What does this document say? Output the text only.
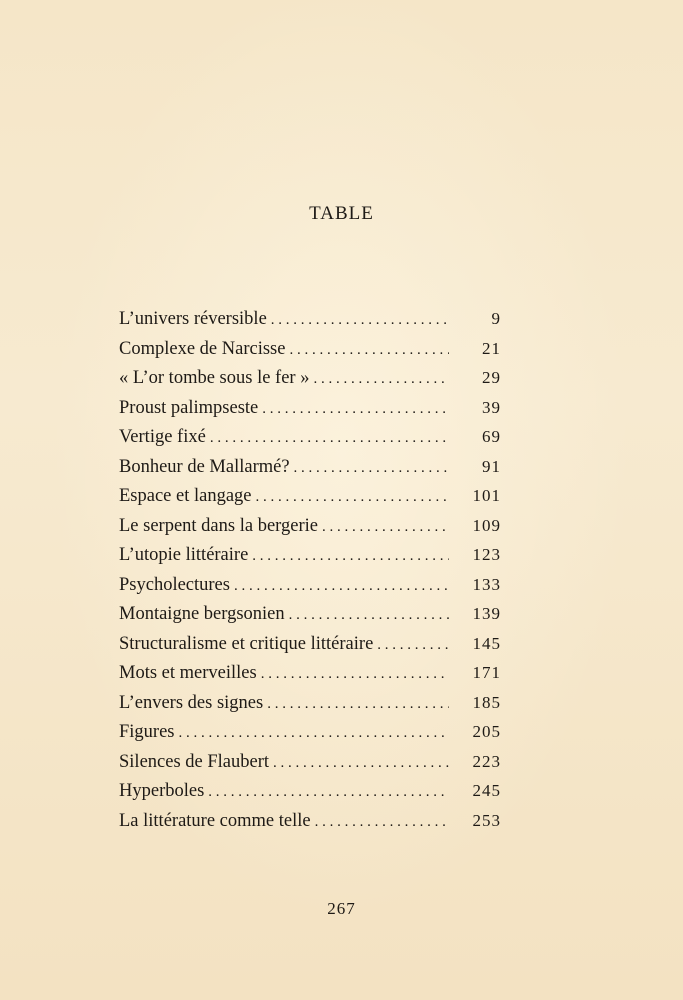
TABLE
L’univers réversible . . .	9
Complexe de Narcisse . . .	21
« L’or tombe sous le fer » . . .	29
Proust palimpseste . . .	39
Vertige fixé . . .	69
Bonheur de Mallarmé? . . .	91
Espace et langage . . .	101
Le serpent dans la bergerie . . .	109
L’utopie littéraire . . .	123
Psycholectures . . .	133
Montaigne bergsonien . . .	139
Structuralisme et critique littéraire . . .	145
Mots et merveilles . . .	171
L’envers des signes . . .	185
Figures . . .	205
Silences de Flaubert . . .	223
Hyperboles . . .	245
La littérature comme telle . . .	253
267
